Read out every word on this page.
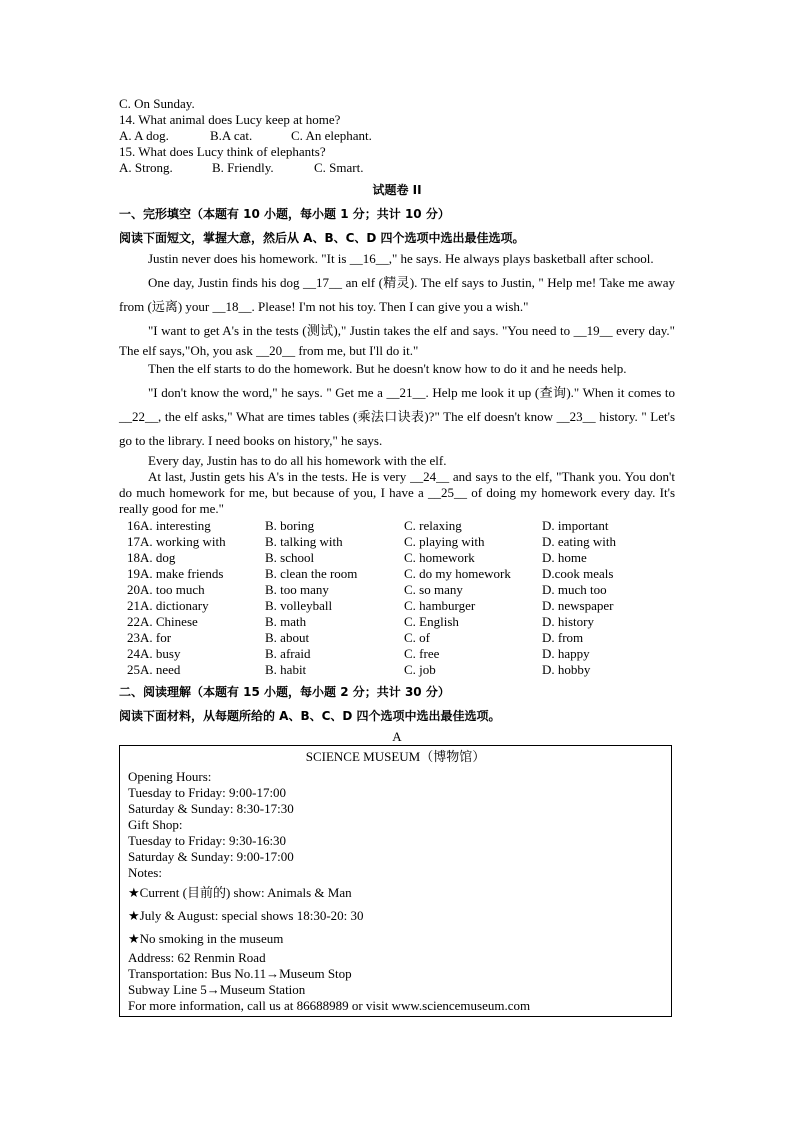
C. On Sunday.
14. What animal does Lucy keep at home?
A. A dog.	B.A cat.	C. An elephant.
15. What does Lucy think of elephants?
A. Strong.	B. Friendly.	C. Smart.
试题卷 II
一、完形填空（本题有 10 小题，每小题 1 分；共计 10 分）
阅读下面短文，掌握大意，然后从 A、B、C、D 四个选项中选出最佳选项。
Justin never does his homework. "It is __16__," he says. He always plays basketball after school.
One day, Justin finds his dog __17__ an elf (精灵). The elf says to Justin, " Help me! Take me away from (远离) your __18__. Please! I'm not his toy. Then I can give you a wish."
"I want to get A's in the tests (测试)," Justin takes the elf and says. "You need to __19__ every day." The elf says,"Oh, you ask __20__ from me, but I'll do it."
Then the elf starts to do the homework. But he doesn't know how to do it and he needs help.
"I don't know the word," he says. " Get me a __21__. Help me look it up (查询)." When it comes to __22__, the elf asks," What are times tables (乘法口诀表)?" The elf doesn't know __23__ history. " Let's go to the library. I need books on history," he says.
Every day, Justin has to do all his homework with the elf.
At last, Justin gets his A's in the tests. He is very __24__ and says to the elf, "Thank you. You don't do much homework for me, but because of you, I have a __25__ of doing my homework every day. It's really good for me."
16A. interesting	B. boring	C. relaxing	D. important
17A. working with	B. talking with	C. playing with	D. eating with
18A. dog	B. school	C. homework	D. home
19A. make friends	B. clean the room	C. do my homework	D.cook meals
20A. too much	B. too many	C. so many	D. much too
21A. dictionary	B. volleyball	C. hamburger	D. newspaper
22A. Chinese	B. math	C. English	D. history
23A. for	B. about	C. of	D. from
24A. busy	B. afraid	C. free	D. happy
25A. need	B. habit	C. job	D. hobby
二、阅读理解（本题有 15 小题，每小题 2 分；共计 30 分）
阅读下面材料，从每题所给的 A、B、C、D 四个选项中选出最佳选项。
A
SCIENCE MUSEUM（博物馆）
Opening Hours:
Tuesday to Friday: 9:00-17:00
Saturday & Sunday: 8:30-17:30
Gift Shop:
Tuesday to Friday: 9:30-16:30
Saturday & Sunday: 9:00-17:00
Notes:
★Current (目前的) show: Animals & Man
★July & August: special shows 18:30-20: 30
★No smoking in the museum
Address: 62 Renmin Road
Transportation: Bus No.11→Museum Stop
Subway Line 5→Museum Station
For more information, call us at 86688989 or visit www.sciencemuseum.com
